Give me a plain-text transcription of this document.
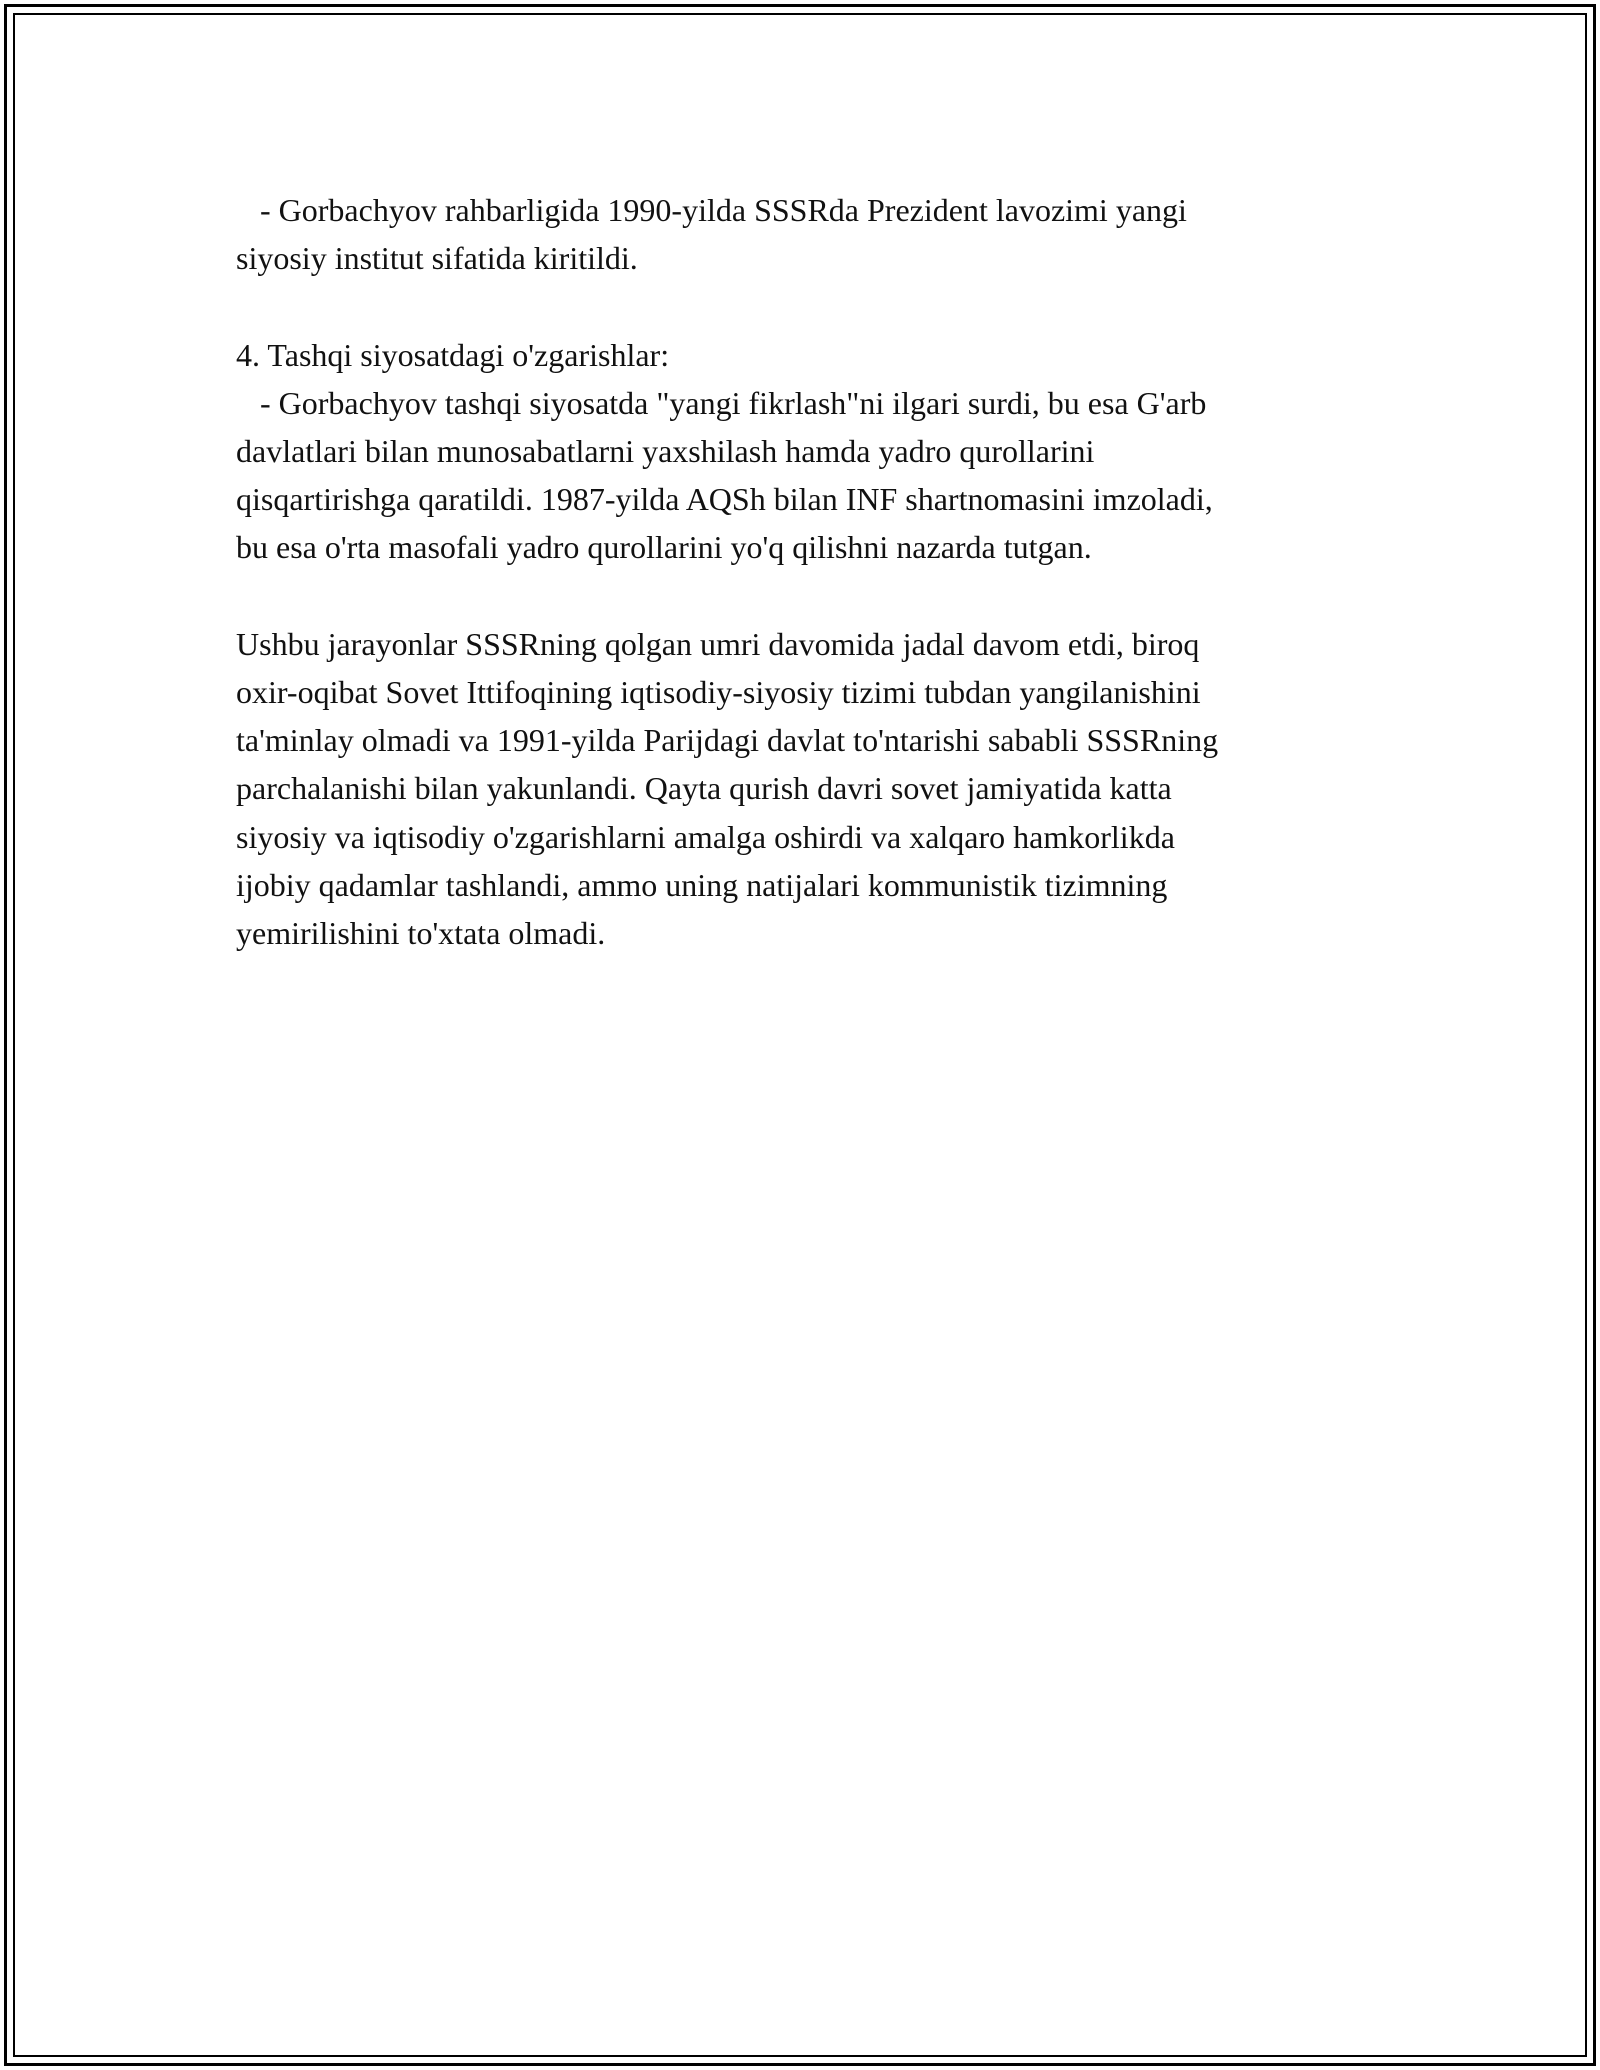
- Gorbachyov rahbarligida 1990-yilda SSSRda Prezident lavozimi yangi
siyosiy institut sifatida kiritildi.

4. Tashqi siyosatdagi o'zgarishlar:
- Gorbachyov tashqi siyosatda "yangi fikrlash"ni ilgari surdi, bu esa G'arb
davlatlari bilan munosabatlarni yaxshilash hamda yadro qurollarini
qisqartirishga qaratildi. 1987-yilda AQSh bilan INF shartnomasini imzoladi,
bu esa o'rta masofali yadro qurollarini yo'q qilishni nazarda tutgan.

Ushbu jarayonlar SSSRning qolgan umri davomida jadal davom etdi, biroq
oxir-oqibat Sovet Ittifoqining iqtisodiy-siyosiy tizimi tubdan yangilanishini
ta'minlay olmadi va 1991-yilda Parijdagi davlat to'ntarishi sababli SSSRning
parchalanishi bilan yakunlandi. Qayta qurish davri sovet jamiyatida katta
siyosiy va iqtisodiy o'zgarishlarni amalga oshirdi va xalqaro hamkorlikda
ijobiy qadamlar tashlandi, ammo uning natijalari kommunistik tizimning
yemirilishini to'xtata olmadi.
